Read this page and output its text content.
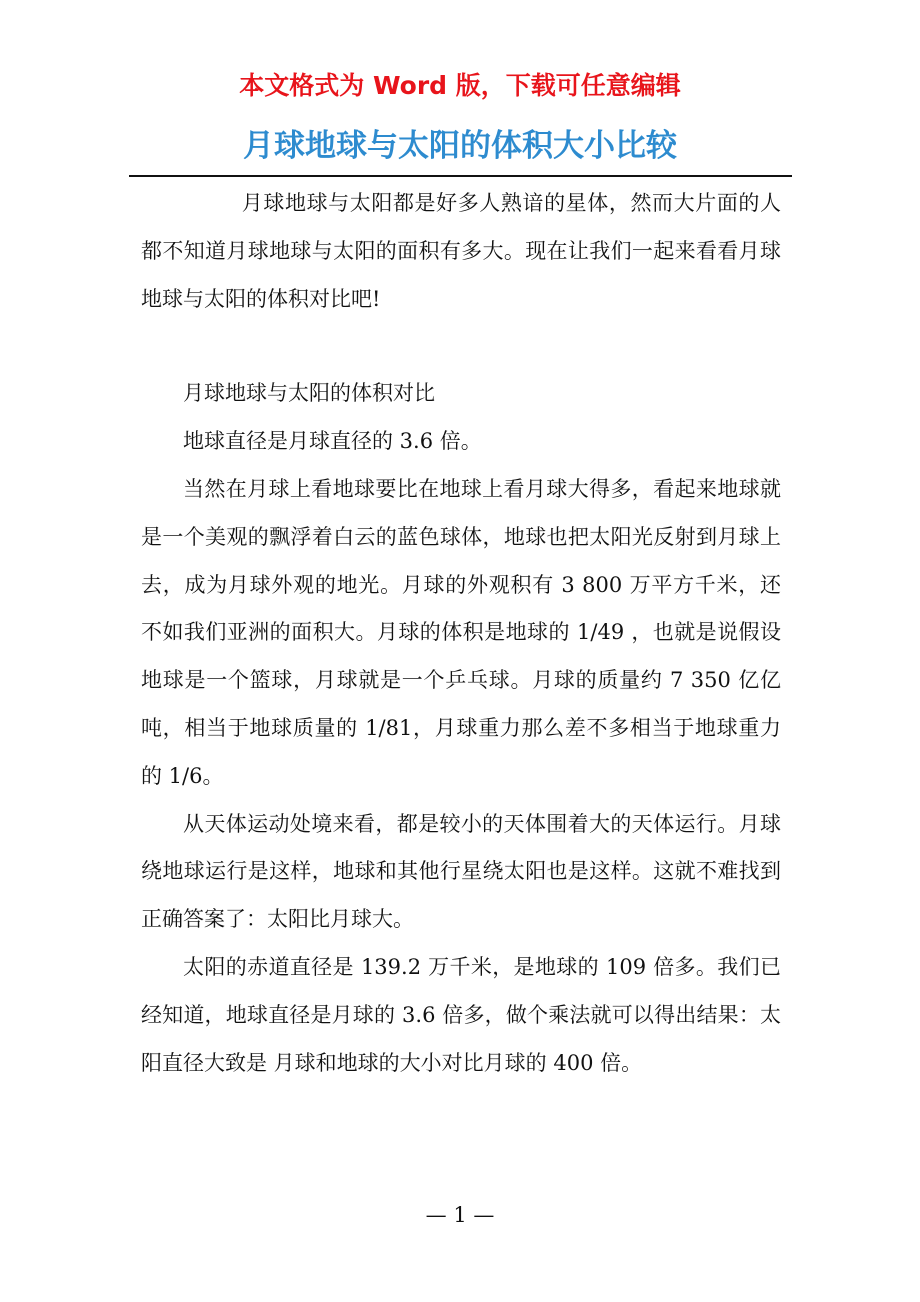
本文格式为 Word 版，下载可任意编辑
月球地球与太阳的体积大小比较

月球地球与太阳都是好多人熟谙的星体，然而大片面的人都不知道月球地球与太阳的面积有多大。现在让我们一起来看看月球地球与太阳的体积对比吧!

月球地球与太阳的体积对比

地球直径是月球直径的 3.6 倍。

当然在月球上看地球要比在地球上看月球大得多，看起来地球就是一个美观的飘浮着白云的蓝色球体，地球也把太阳光反射到月球上去，成为月球外观的地光。月球的外观积有 3 800 万平方千米，还不如我们亚洲的面积大。月球的体积是地球的 1/49 ，也就是说假设地球是一个篮球，月球就是一个乒乓球。月球的质量约 7 350 亿亿吨，相当于地球质量的 1/81，月球重力那么差不多相当于地球重力的 1/6。

从天体运动处境来看，都是较小的天体围着大的天体运行。月球绕地球运行是这样，地球和其他行星绕太阳也是这样。这就不难找到正确答案了：太阳比月球大。

太阳的赤道直径是 139.2 万千米，是地球的 109 倍多。我们已经知道，地球直径是月球的 3.6 倍多，做个乘法就可以得出结果：太阳直径大致是 月球和地球的大小对比月球的 400 倍。

— 1 —
